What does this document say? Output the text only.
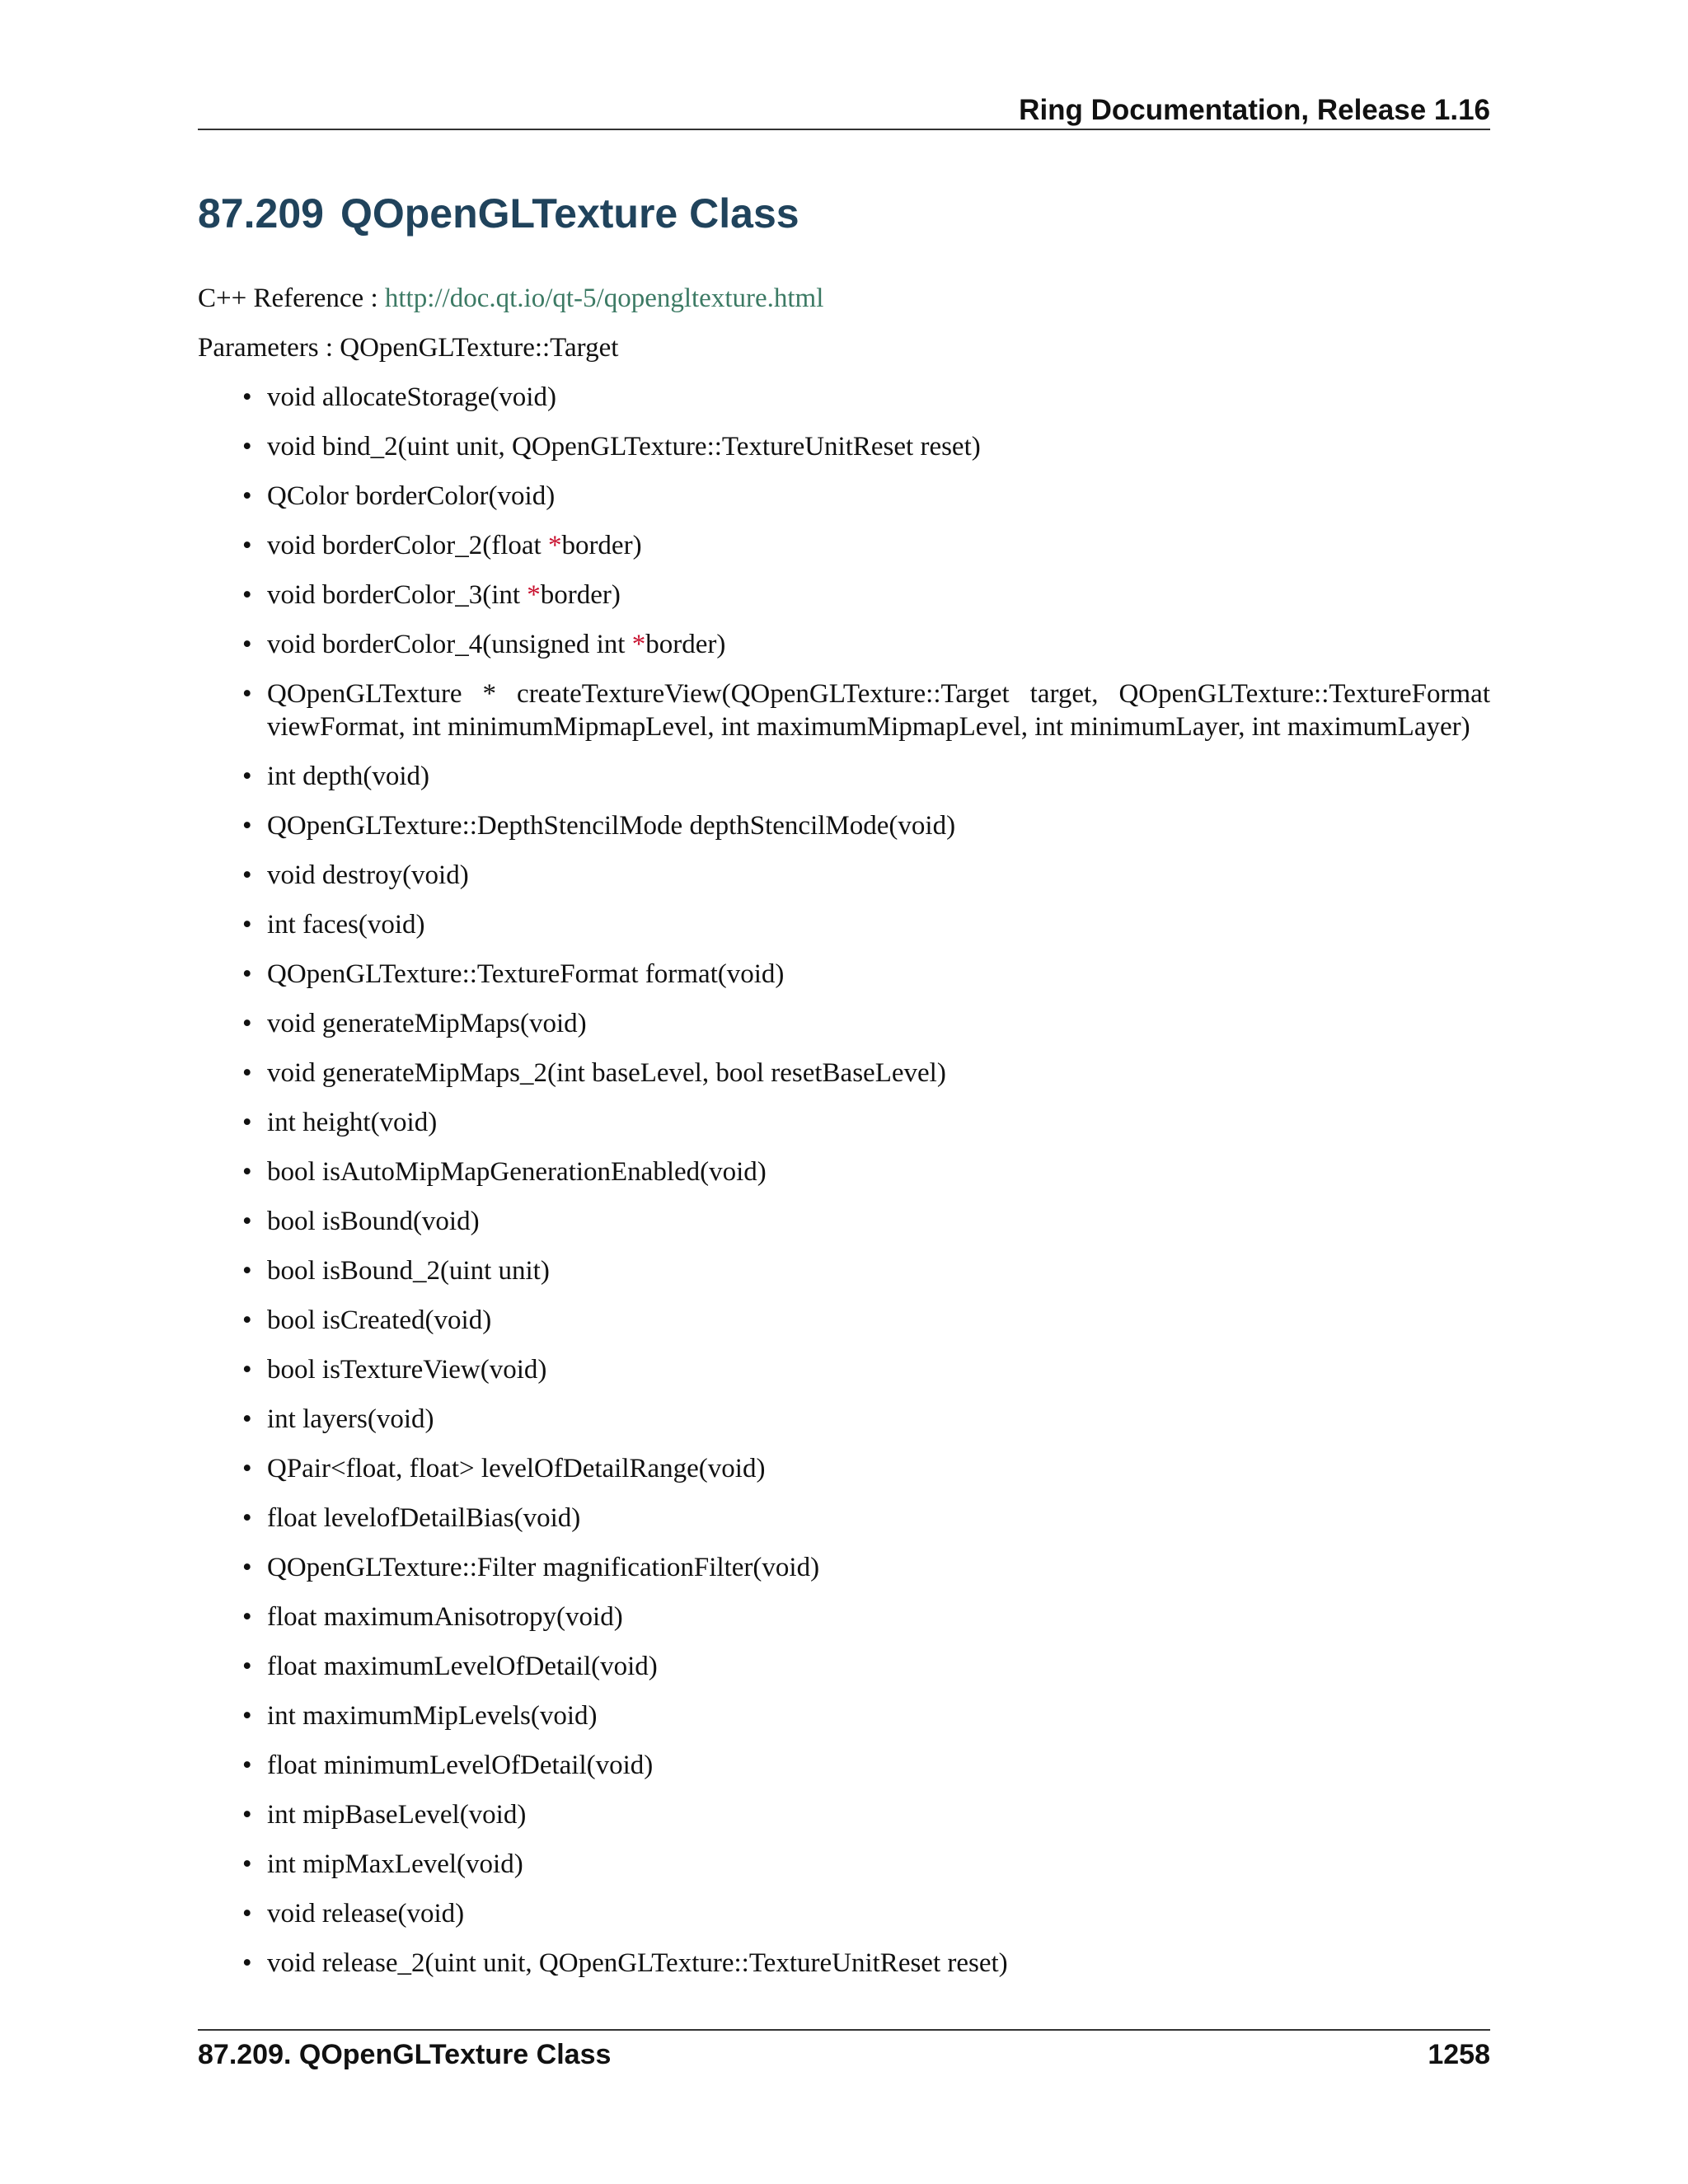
Ring Documentation, Release 1.16
87.209 QOpenGLTexture Class
C++ Reference : http://doc.qt.io/qt-5/qopengltexture.html
Parameters : QOpenGLTexture::Target
• void allocateStorage(void)
• void bind_2(uint unit, QOpenGLTexture::TextureUnitReset reset)
• QColor borderColor(void)
• void borderColor_2(float *border)
• void borderColor_3(int *border)
• void borderColor_4(unsigned int *border)
• QOpenGLTexture * createTextureView(QOpenGLTexture::Target target, QOpenGLTexture::TextureFormat viewFormat, int minimumMipmapLevel, int maximumMipmapLevel, int minimumLayer, int maximumLayer)
• int depth(void)
• QOpenGLTexture::DepthStencilMode depthStencilMode(void)
• void destroy(void)
• int faces(void)
• QOpenGLTexture::TextureFormat format(void)
• void generateMipMaps(void)
• void generateMipMaps_2(int baseLevel, bool resetBaseLevel)
• int height(void)
• bool isAutoMipMapGenerationEnabled(void)
• bool isBound(void)
• bool isBound_2(uint unit)
• bool isCreated(void)
• bool isTextureView(void)
• int layers(void)
• QPair<float, float> levelOfDetailRange(void)
• float levelofDetailBias(void)
• QOpenGLTexture::Filter magnificationFilter(void)
• float maximumAnisotropy(void)
• float maximumLevelOfDetail(void)
• int maximumMipLevels(void)
• float minimumLevelOfDetail(void)
• int mipBaseLevel(void)
• int mipMaxLevel(void)
• void release(void)
• void release_2(uint unit, QOpenGLTexture::TextureUnitReset reset)
87.209. QOpenGLTexture Class	1258
